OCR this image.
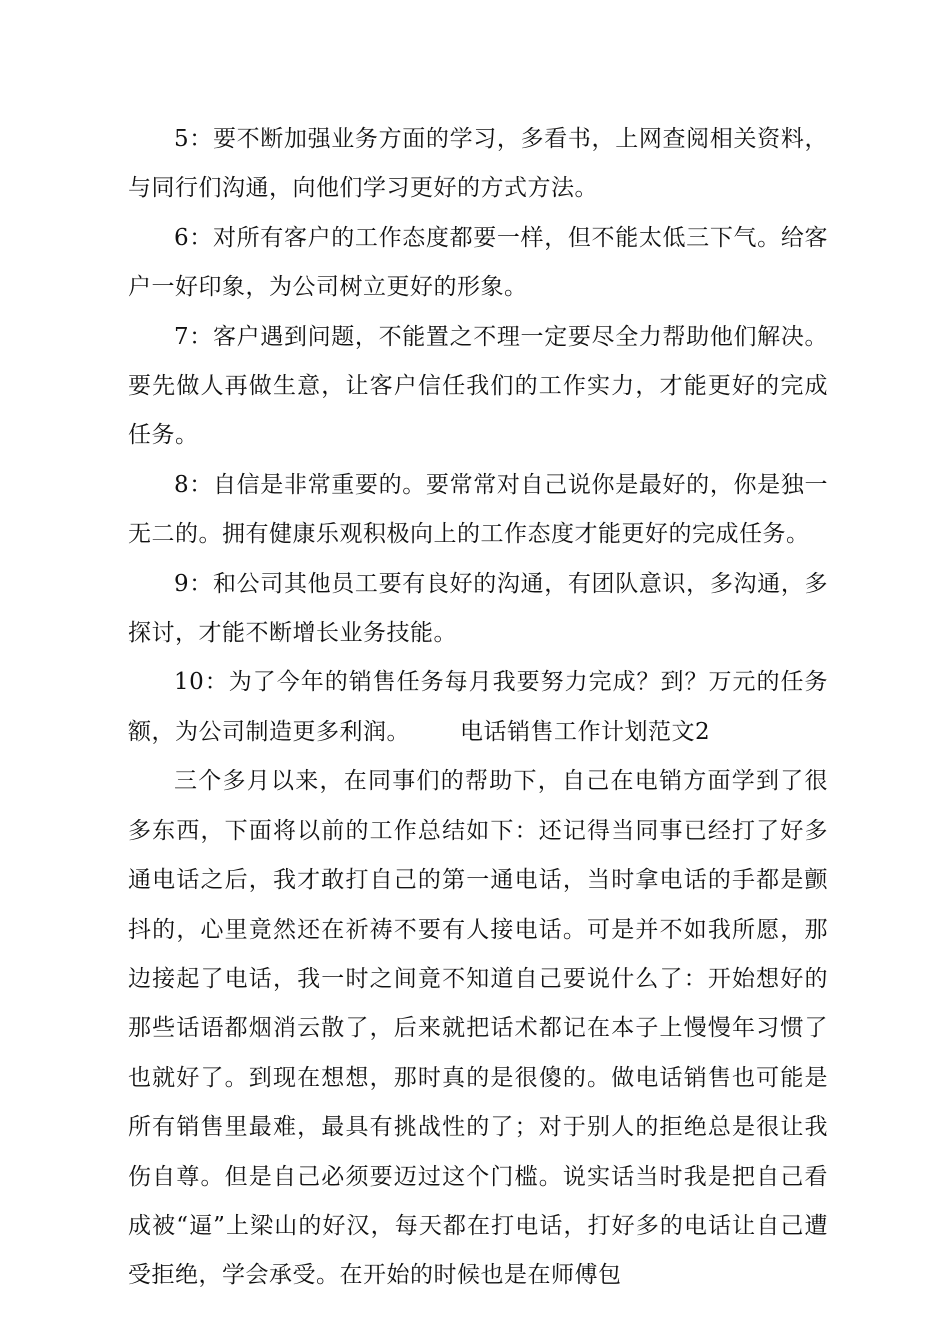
5：要不断加强业务方面的学习，多看书，上网查阅相关资料，与同行们沟通，向他们学习更好的方式方法。

6：对所有客户的工作态度都要一样，但不能太低三下气。给客户一好印象，为公司树立更好的形象。

7：客户遇到问题，不能置之不理一定要尽全力帮助他们解决。要先做人再做生意，让客户信任我们的工作实力，才能更好的完成任务。

8：自信是非常重要的。要常常对自己说你是最好的，你是独一无二的。拥有健康乐观积极向上的工作态度才能更好的完成任务。

9：和公司其他员工要有良好的沟通，有团队意识，多沟通，多探讨，才能不断增长业务技能。

10：为了今年的销售任务每月我要努力完成？到？万元的任务额，为公司制造更多利润。 电话销售工作计划范文2

三个多月以来，在同事们的帮助下，自己在电销方面学到了很多东西，下面将以前的工作总结如下：还记得当同事已经打了好多通电话之后，我才敢打自己的第一通电话，当时拿电话的手都是颤抖的，心里竟然还在祈祷不要有人接电话。可是并不如我所愿，那边接起了电话，我一时之间竟不知道自己要说什么了：开始想好的那些话语都烟消云散了，后来就把话术都记在本子上慢慢年习惯了也就好了。到现在想想，那时真的是很傻的。做电话销售也可能是所有销售里最难，最具有挑战性的了；对于别人的拒绝总是很让我伤自尊。但是自己必须要迈过这个门槛。说实话当时我是把自己看成被“逼”上梁山的好汉，每天都在打电话，打好多的电话让自己遭受拒绝，学会承受。在开始的时候也是在师傅包
